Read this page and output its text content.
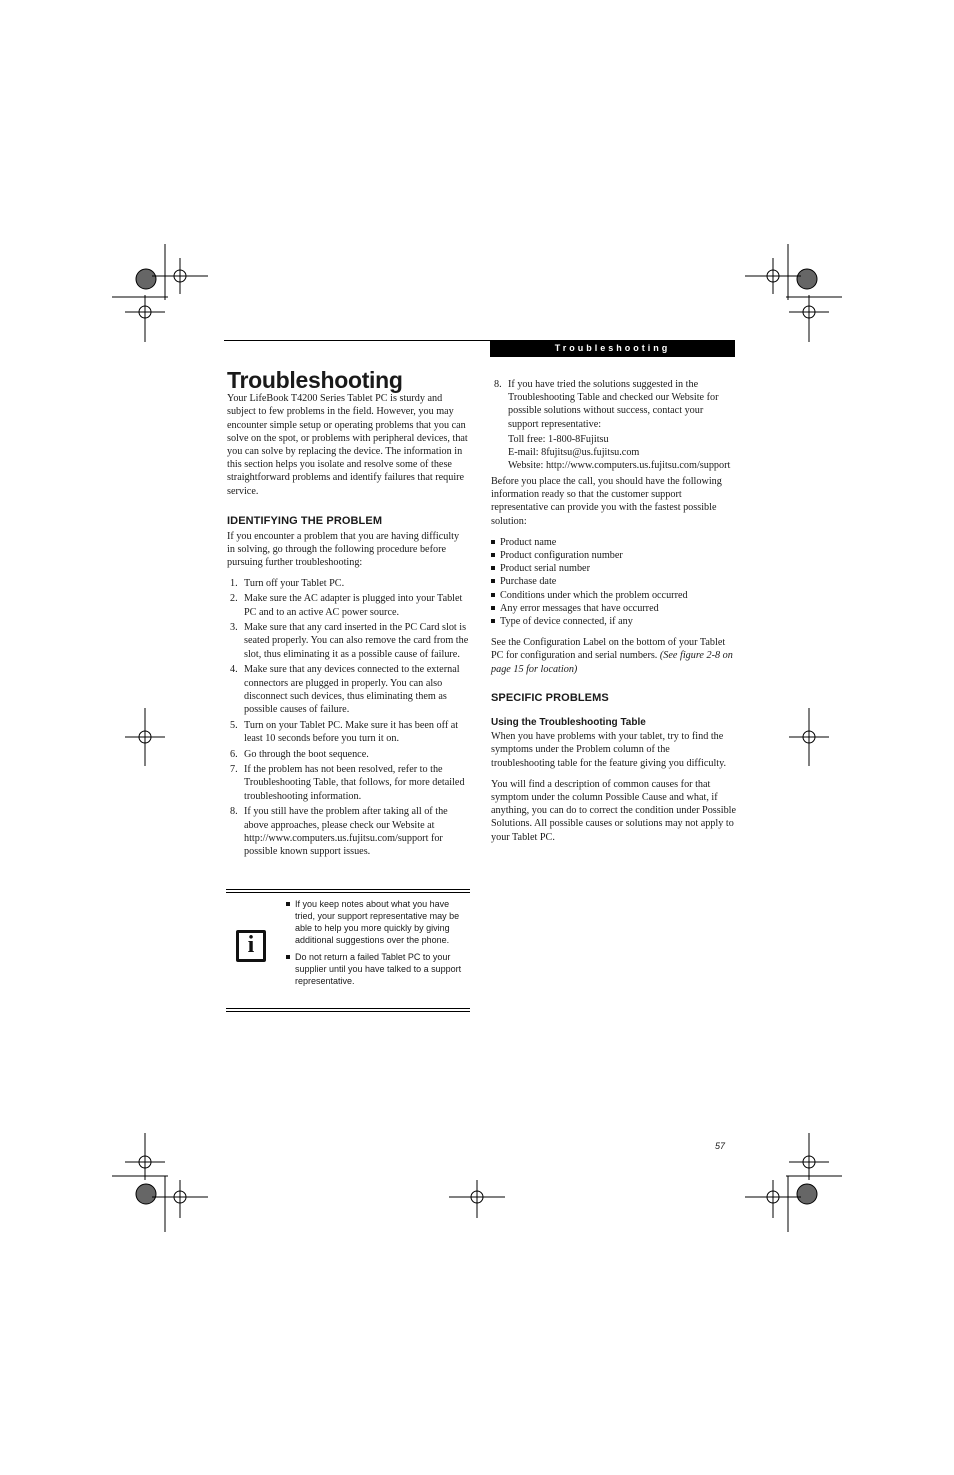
Troubleshooting
Troubleshooting

Your LifeBook T4200 Series Tablet PC is sturdy and subject to few problems in the field. However, you may encounter simple setup or operating problems that you can solve on the spot, or problems with peripheral devices, that you can solve by replacing the device. The information in this section helps you isolate and resolve some of these straightforward problems and identify failures that require service.

IDENTIFYING THE PROBLEM

If you encounter a problem that you are having difficulty in solving, go through the following procedure before pursuing further troubleshooting:

1. Turn off your Tablet PC.
2. Make sure the AC adapter is plugged into your Tablet PC and to an active AC power source.
3. Make sure that any card inserted in the PC Card slot is seated properly. You can also remove the card from the slot, thus eliminating it as a possible cause of failure.
4. Make sure that any devices connected to the external connectors are plugged in properly. You can also disconnect such devices, thus eliminating them as possible causes of failure.
5. Turn on your Tablet PC. Make sure it has been off at least 10 seconds before you turn it on.
6. Go through the boot sequence.
7. If the problem has not been resolved, refer to the Troubleshooting Table, that follows, for more detailed troubleshooting information.
8. If you still have the problem after taking all of the above approaches, please check our Website at http://www.computers.us.fujitsu.com/support for possible known support issues.
i
If you keep notes about what you have tried, your support representative may be able to help you more quickly by giving additional suggestions over the phone.
Do not return a failed Tablet PC to your supplier until you have talked to a support representative.
8. If you have tried the solutions suggested in the Troubleshooting Table and checked our Website for possible solutions without success, contact your support representative:
Toll free: 1-800-8Fujitsu
E-mail: 8fujitsu@us.fujitsu.com
Website: http://www.computers.us.fujitsu.com/support

Before you place the call, you should have the following information ready so that the customer support representative can provide you with the fastest possible solution:

Product name
Product configuration number
Product serial number
Purchase date
Conditions under which the problem occurred
Any error messages that have occurred
Type of device connected, if any

See the Configuration Label on the bottom of your Tablet PC for configuration and serial numbers. (See figure 2-8 on page 15 for location)

SPECIFIC PROBLEMS
Using the Troubleshooting Table

When you have problems with your tablet, try to find the symptoms under the Problem column of the troubleshooting table for the feature giving you difficulty.

You will find a description of common causes for that symptom under the column Possible Cause and what, if anything, you can do to correct the condition under Possible Solutions. All possible causes or solutions may not apply to your Tablet PC.

57
